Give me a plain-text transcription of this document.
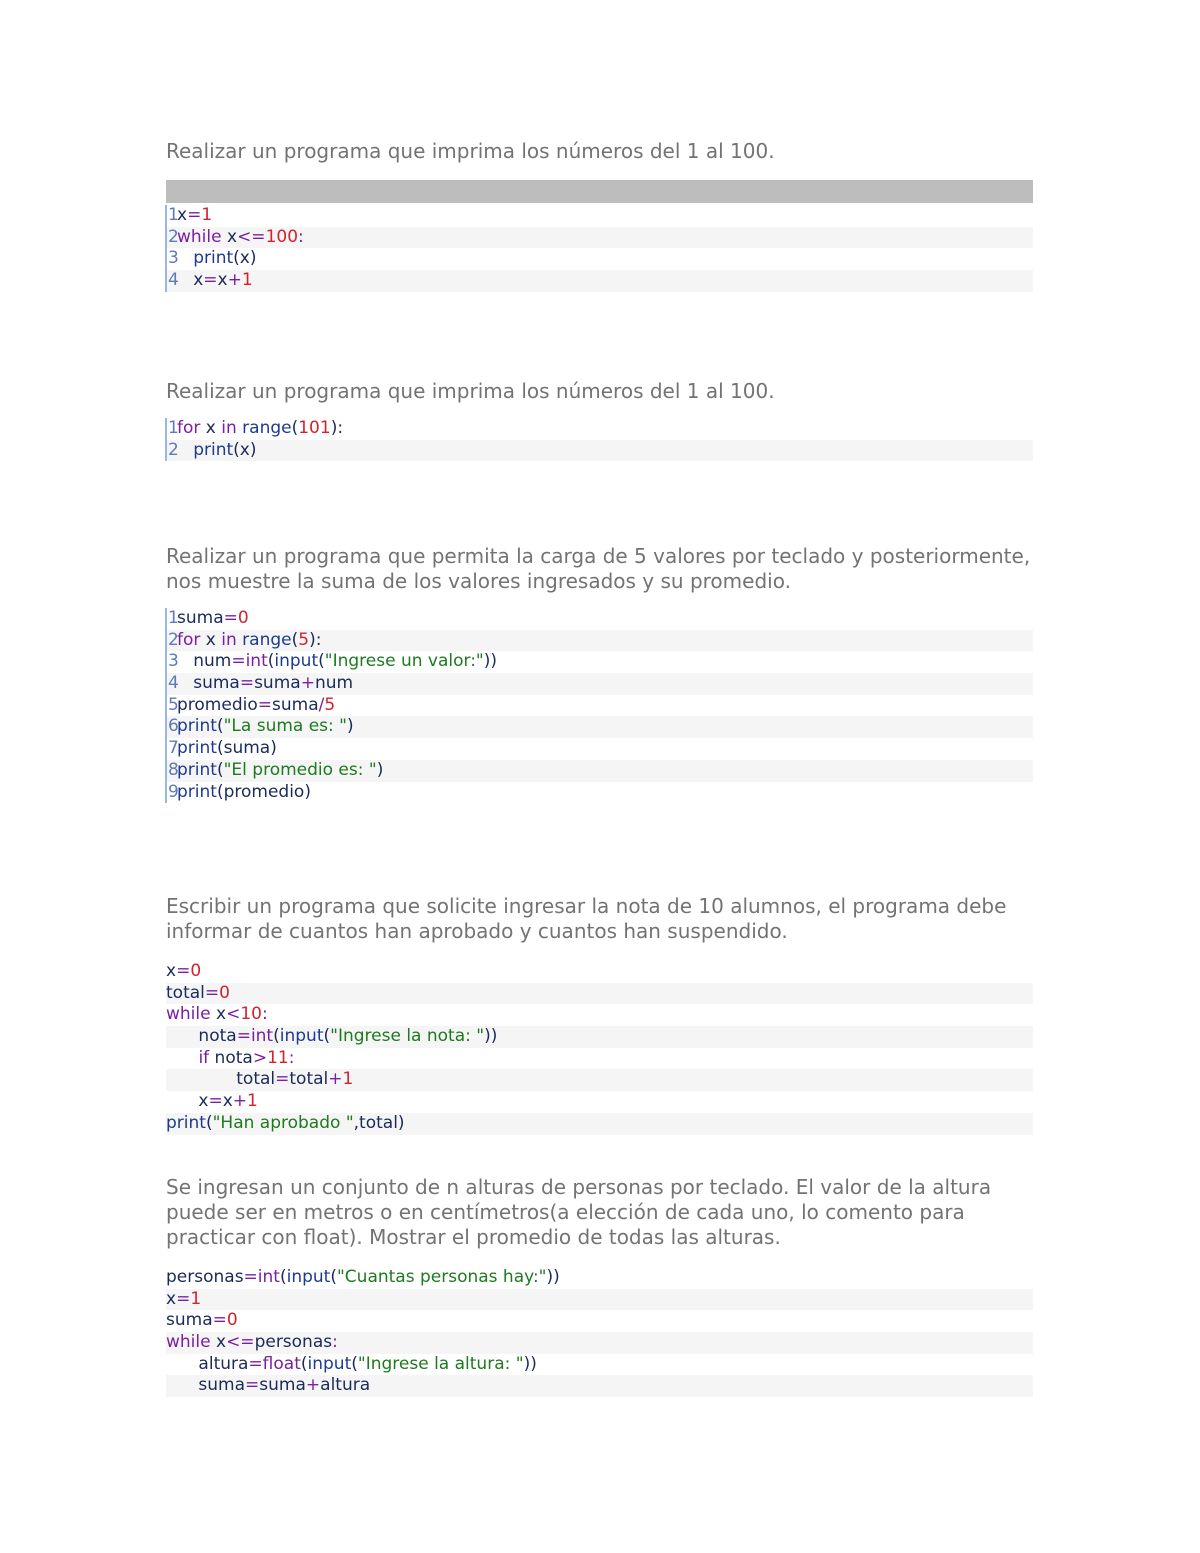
Realizar un programa que imprima los números del 1 al 100.

1x=1
2while x<=100:
3 print(x)
4   x=x+1

Realizar un programa que imprima los números del 1 al 100.

1for x in range(101):
2 print(x)

Realizar un programa que permita la carga de 5 valores por teclado y posteriormente, nos muestre la suma de los valores ingresados y su promedio.

1suma=0
2for x in range(5):
3   num=int(input("Ingrese un valor:"))
4   suma=suma+num
5promedio=suma/5
6print("La suma es: ")
7print(suma)
8print("El promedio es: ")
9print(promedio)

Escribir un programa que solicite ingresar la nota de 10 alumnos, el programa debe informar de cuantos han aprobado y cuantos han suspendido.

x=0
total=0
while x<10:
nota=int(input("Ingrese la nota: "))
if nota>11:
total=total+1
x=x+1
print("Han aprobado ",total)

Se ingresan un conjunto de n alturas de personas por teclado. El valor de la altura puede ser en metros o en centímetros(a elección de cada uno, lo comento para practicar con float). Mostrar el promedio de todas las alturas.

personas=int(input("Cuantas personas hay:"))
x=1
suma=0
while x<=personas:
altura=float(input("Ingrese la altura: "))
suma=suma+altura
